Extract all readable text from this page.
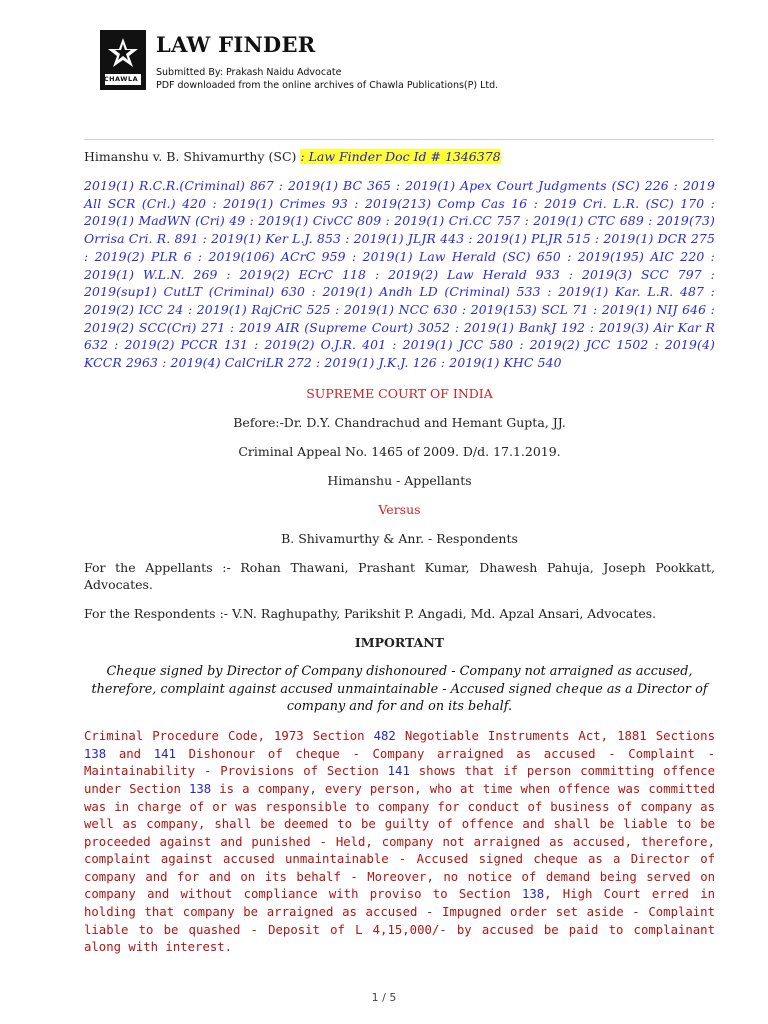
LAW FINDER
Submitted By: Prakash Naidu Advocate
PDF downloaded from the online archives of Chawla Publications(P) Ltd.
CHAWLA

Himanshu v. B. Shivamurthy (SC) : Law Finder Doc Id # 1346378

2019(1) R.C.R.(Criminal) 867 : 2019(1) BC 365 : 2019(1) Apex Court Judgments (SC) 226 : 2019 All SCR (Crl.) 420 : 2019(1) Crimes 93 : 2019(213) Comp Cas 16 : 2019 Cri. L.R. (SC) 170 : 2019(1) MadWN (Cri) 49 : 2019(1) CivCC 809 : 2019(1) Cri.CC 757 : 2019(1) CTC 689 : 2019(73) Orrisa Cri. R. 891 : 2019(1) Ker L.J. 853 : 2019(1) JLJR 443 : 2019(1) PLJR 515 : 2019(1) DCR 275 : 2019(2) PLR 6 : 2019(106) ACrC 959 : 2019(1) Law Herald (SC) 650 : 2019(195) AIC 220 : 2019(1) W.L.N. 269 : 2019(2) ECrC 118 : 2019(2) Law Herald 933 : 2019(3) SCC 797 : 2019(sup1) CutLT (Criminal) 630 : 2019(1) Andh LD (Criminal) 533 : 2019(1) Kar. L.R. 487 : 2019(2) ICC 24 : 2019(1) RajCriC 525 : 2019(1) NCC 630 : 2019(153) SCL 71 : 2019(1) NIJ 646 : 2019(2) SCC(Cri) 271 : 2019 AIR (Supreme Court) 3052 : 2019(1) BankJ 192 : 2019(3) Air Kar R 632 : 2019(2) PCCR 131 : 2019(2) O.J.R. 401 : 2019(1) JCC 580 : 2019(2) JCC 1502 : 2019(4) KCCR 2963 : 2019(4) CalCriLR 272 : 2019(1) J.K.J. 126 : 2019(1) KHC 540

SUPREME COURT OF INDIA

Before:-Dr. D.Y. Chandrachud and Hemant Gupta, JJ.

Criminal Appeal No. 1465 of 2009. D/d. 17.1.2019.

Himanshu - Appellants

Versus

B. Shivamurthy & Anr. - Respondents

For the Appellants :- Rohan Thawani, Prashant Kumar, Dhawesh Pahuja, Joseph Pookkatt, Advocates.

For the Respondents :- V.N. Raghupathy, Parikshit P. Angadi, Md. Apzal Ansari, Advocates.

IMPORTANT

Cheque signed by Director of Company dishonoured - Company not arraigned as accused, therefore, complaint against accused unmaintainable - Accused signed cheque as a Director of company and for and on its behalf.

Criminal Procedure Code, 1973 Section 482 Negotiable Instruments Act, 1881 Sections 138 and 141 Dishonour of cheque - Company arraigned as accused - Complaint - Maintainability - Provisions of Section 141 shows that if person committing offence under Section 138 is a company, every person, who at time when offence was committed was in charge of or was responsible to company for conduct of business of company as well as company, shall be deemed to be guilty of offence and shall be liable to be proceeded against and punished - Held, company not arraigned as accused, therefore, complaint against accused unmaintainable - Accused signed cheque as a Director of company and for and on its behalf - Moreover, no notice of demand being served on company and without compliance with proviso to Section 138, High Court erred in holding that company be arraigned as accused - Impugned order set aside - Complaint liable to be quashed - Deposit of L 4,15,000/- by accused be paid to complainant along with interest.

1 / 5
